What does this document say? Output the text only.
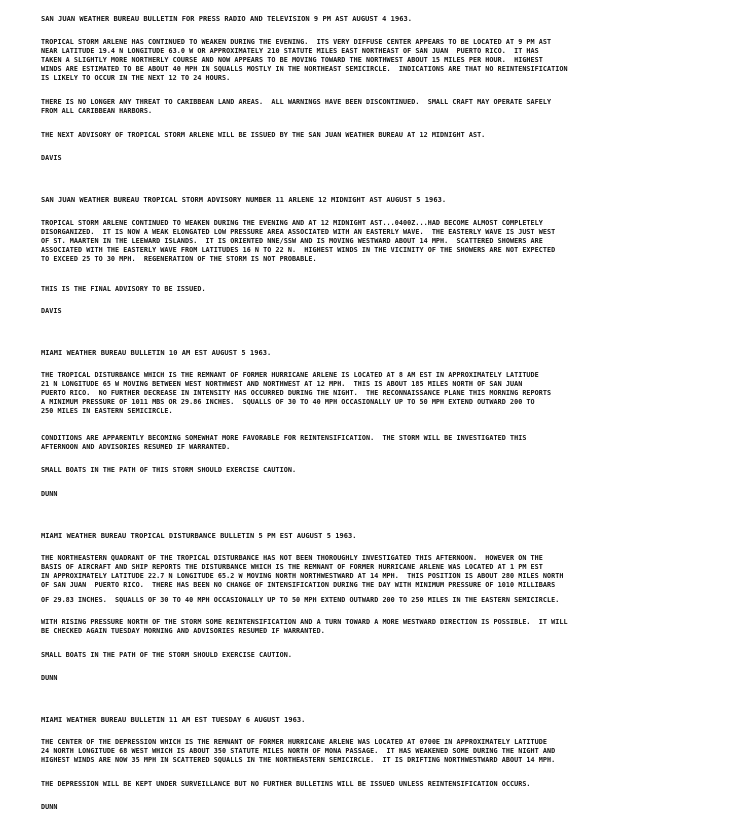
SAN JUAN WEATHER BUREAU BULLETIN FOR PRESS RADIO AND TELEVISION 9 PM AST AUGUST 4 1963.
TROPICAL STORM ARLENE HAS CONTINUED TO WEAKEN DURING THE EVENING.  ITS VERY DIFFUSE CENTER APPEARS TO BE LOCATED AT 9 PM AST
NEAR LATITUDE 19.4 N LONGITUDE 63.0 W OR APPROXIMATELY 210 STATUTE MILES EAST NORTHEAST OF SAN JUAN  PUERTO RICO.  IT HAS
TAKEN A SLIGHTLY MORE NORTHERLY COURSE AND NOW APPEARS TO BE MOVING TOWARD THE NORTHWEST ABOUT 15 MILES PER HOUR.  HIGHEST
WINDS ARE ESTIMATED TO BE ABOUT 40 MPH IN SQUALLS MOSTLY IN THE NORTHEAST SEMICIRCLE.  INDICATIONS ARE THAT NO REINTENSIFICATION
IS LIKELY TO OCCUR IN THE NEXT 12 TO 24 HOURS.
THERE IS NO LONGER ANY THREAT TO CARIBBEAN LAND AREAS.  ALL WARNINGS HAVE BEEN DISCONTINUED.  SMALL CRAFT MAY OPERATE SAFELY
FROM ALL CARIBBEAN HARBORS.
THE NEXT ADVISORY OF TROPICAL STORM ARLENE WILL BE ISSUED BY THE SAN JUAN WEATHER BUREAU AT 12 MIDNIGHT AST.
DAVIS
SAN JUAN WEATHER BUREAU TROPICAL STORM ADVISORY NUMBER 11 ARLENE 12 MIDNIGHT AST AUGUST 5 1963.
TROPICAL STORM ARLENE CONTINUED TO WEAKEN DURING THE EVENING AND AT 12 MIDNIGHT AST...0400Z...HAD BECOME ALMOST COMPLETELY
DISORGANIZED.  IT IS NOW A WEAK ELONGATED LOW PRESSURE AREA ASSOCIATED WITH AN EASTERLY WAVE.  THE EASTERLY WAVE IS JUST WEST
OF ST. MAARTEN IN THE LEEWARD ISLANDS.  IT IS ORIENTED NNE/SSW AND IS MOVING WESTWARD ABOUT 14 MPH.  SCATTERED SHOWERS ARE
ASSOCIATED WITH THE EASTERLY WAVE FROM LATITUDES 16 N TO 22 N.  HIGHEST WINDS IN THE VICINITY OF THE SHOWERS ARE NOT EXPECTED
TO EXCEED 25 TO 30 MPH.  REGENERATION OF THE STORM IS NOT PROBABLE.
THIS IS THE FINAL ADVISORY TO BE ISSUED.
DAVIS
MIAMI WEATHER BUREAU BULLETIN 10 AM EST AUGUST 5 1963.
THE TROPICAL DISTURBANCE WHICH IS THE REMNANT OF FORMER HURRICANE ARLENE IS LOCATED AT 8 AM EST IN APPROXIMATELY LATITUDE
21 N LONGITUDE 65 W MOVING BETWEEN WEST NORTHWEST AND NORTHWEST AT 12 MPH.  THIS IS ABOUT 185 MILES NORTH OF SAN JUAN
PUERTO RICO.  NO FURTHER DECREASE IN INTENSITY HAS OCCURRED DURING THE NIGHT.  THE RECONNAISSANCE PLANE THIS MORNING REPORTS
A MINIMUM PRESSURE OF 1011 MBS OR 29.86 INCHES.  SQUALLS OF 30 TO 40 MPH OCCASIONALLY UP TO 50 MPH EXTEND OUTWARD 200 TO
250 MILES IN EASTERN SEMICIRCLE.
CONDITIONS ARE APPARENTLY BECOMING SOMEWHAT MORE FAVORABLE FOR REINTENSIFICATION.  THE STORM WILL BE INVESTIGATED THIS
AFTERNOON AND ADVISORIES RESUMED IF WARRANTED.
SMALL BOATS IN THE PATH OF THIS STORM SHOULD EXERCISE CAUTION.
DUNN
MIAMI WEATHER BUREAU TROPICAL DISTURBANCE BULLETIN 5 PM EST AUGUST 5 1963.
THE NORTHEASTERN QUADRANT OF THE TROPICAL DISTURBANCE HAS NOT BEEN THOROUGHLY INVESTIGATED THIS AFTERNOON.  HOWEVER ON THE
BASIS OF AIRCRAFT AND SHIP REPORTS THE DISTURBANCE WHICH IS THE REMNANT OF FORMER HURRICANE ARLENE WAS LOCATED AT 1 PM EST
IN APPROXIMATELY LATITUDE 22.7 N LONGITUDE 65.2 W MOVING NORTH NORTHWESTWARD AT 14 MPH.  THIS POSITION IS ABOUT 280 MILES NORTH
OF SAN JUAN  PUERTO RICO.  THERE HAS BEEN NO CHANGE OF INTENSIFICATION DURING THE DAY WITH MINIMUM PRESSURE OF 1010 MILLIBARS
OF 29.83 INCHES.  SQUALLS OF 30 TO 40 MPH OCCASIONALLY UP TO 50 MPH EXTEND OUTWARD 200 TO 250 MILES IN THE EASTERN SEMICIRCLE.
WITH RISING PRESSURE NORTH OF THE STORM SOME REINTENSIFICATION AND A TURN TOWARD A MORE WESTWARD DIRECTION IS POSSIBLE.  IT WILL
BE CHECKED AGAIN TUESDAY MORNING AND ADVISORIES RESUMED IF WARRANTED.
SMALL BOATS IN THE PATH OF THE STORM SHOULD EXERCISE CAUTION.
DUNN
MIAMI WEATHER BUREAU BULLETIN 11 AM EST TUESDAY 6 AUGUST 1963.
THE CENTER OF THE DEPRESSION WHICH IS THE REMNANT OF FORMER HURRICANE ARLENE WAS LOCATED AT 0700E IN APPROXIMATELY LATITUDE
24 NORTH LONGITUDE 68 WEST WHICH IS ABOUT 350 STATUTE MILES NORTH OF MONA PASSAGE.  IT HAS WEAKENED SOME DURING THE NIGHT AND
HIGHEST WINDS ARE NOW 35 MPH IN SCATTERED SQUALLS IN THE NORTHEASTERN SEMICIRCLE.  IT IS DRIFTING NORTHWESTWARD ABOUT 14 MPH.
THE DEPRESSION WILL BE KEPT UNDER SURVEILLANCE BUT NO FURTHER BULLETINS WILL BE ISSUED UNLESS REINTENSIFICATION OCCURS.
DUNN
